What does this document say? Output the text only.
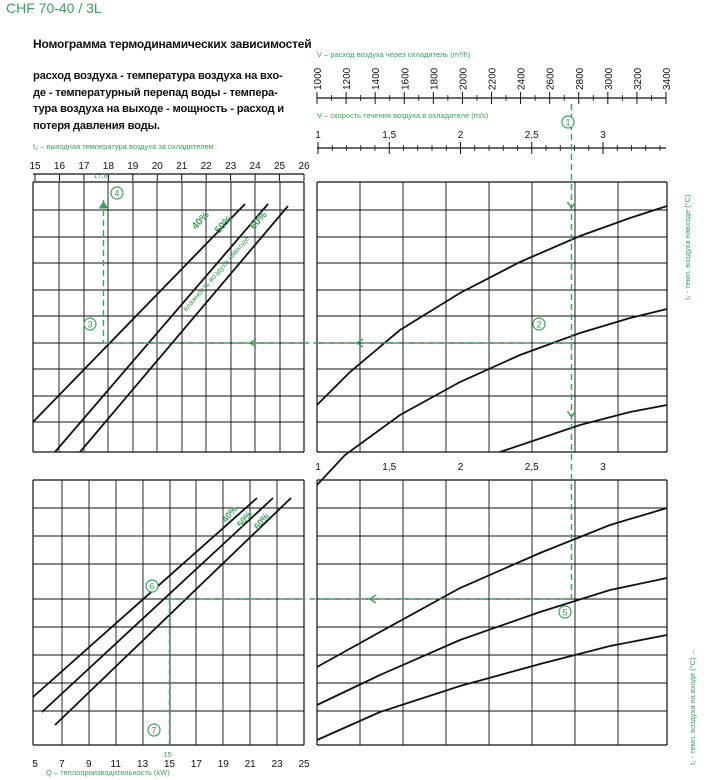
CHF 70-40 / 3L
Номограмма термодинамических зависимостей
расход воздуха - температура воздуха на вхо-
де - температурный перепад воды - темпера-
тура воздуха на выходе - мощность - расход и
потеря давления воды.
1000 1200 1400 1600 1800 2000 2200 2400 2600 2800 3000 3200 3400
1	1,5	2	2,5	3
15 16 17 18 19 20 21 22 23 24 25 26
1	1,5	2	2,5	3
5 7 9 11 13 15 17 19 21 23 25
1
2
3
4
5
6
7
17,8
15
V – расход воздуха через охладитель (m³/h)
V – скорость течения воздуха в охладителе (m/s)
t₂ – выходная температура воздуха за охладителем
Q – теплопроизводительность (kW)
t₁ - темп. воздуха навходе (°C)
t₁ - темп. воздуха на входе (°C) ←
влажность воздуха навходе
40% 50% 60%
40%
50%
60%
